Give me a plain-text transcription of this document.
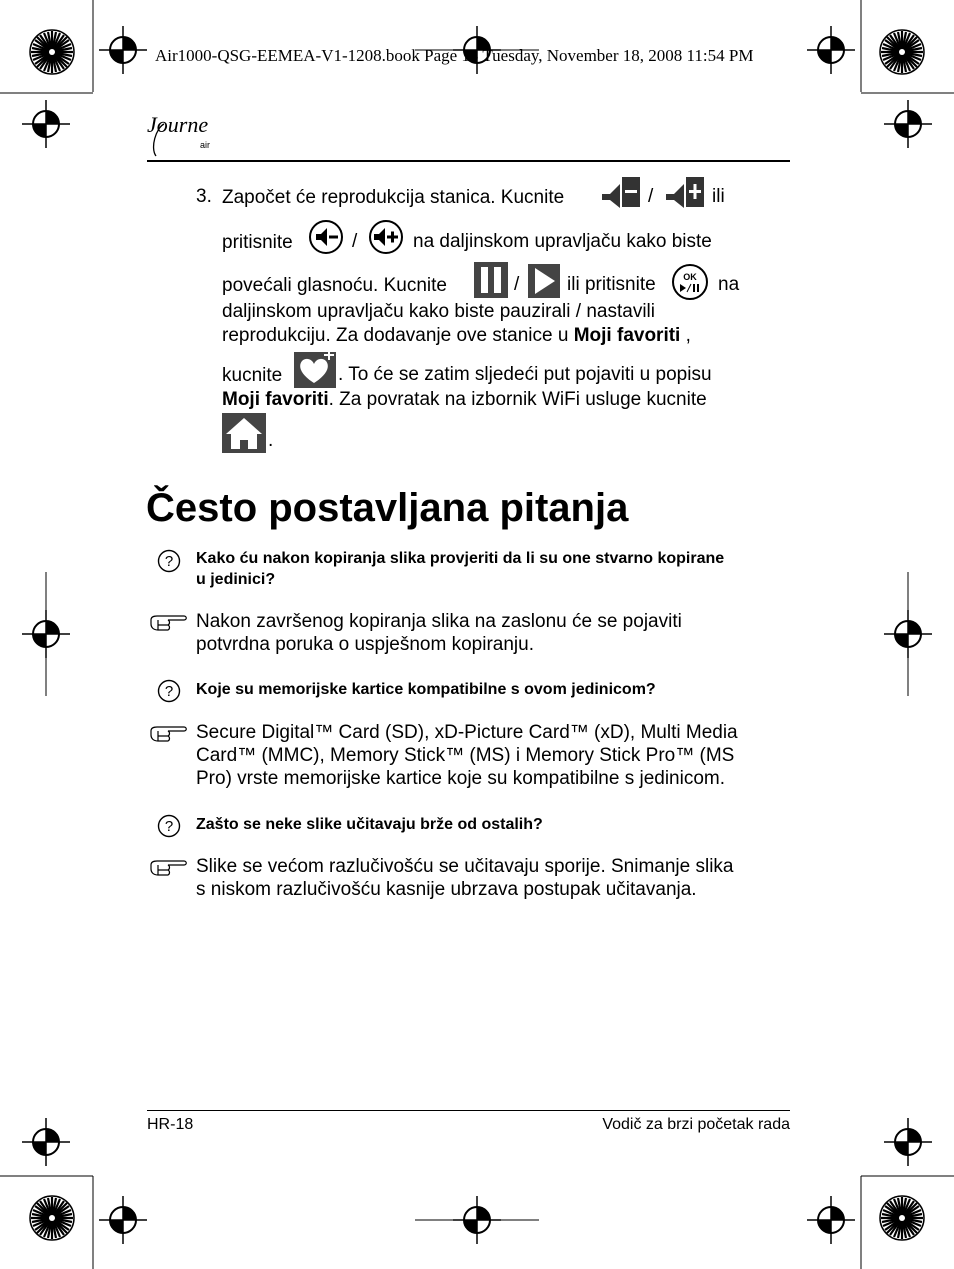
Air1000-QSG-EEMEA-V1-1208.book Page 18 Tuesday, November 18, 2008 11:54 PM
Journe
air
3. Započet će reprodukcija stanica. Kucnite	/	ili
pritisnite	/	na daljinskom upravljaču kako biste
povećali glasnoću. Kucnite	/	ili pritisnite	OK na
daljinskom upravljaču kako biste pauzirali / nastavili
reprodukciju. Za dodavanje ove stanice u Moji favoriti ,
kucnite	. To će se zatim sljedeći put pojaviti u popisu
Moji favoriti. Za povratak na izbornik WiFi usluge kucnite
.
Često postavljana pitanja
? Kako ću nakon kopiranja slika provjeriti da li su one stvarno kopirane
u jedinici?
Nakon završenog kopiranja slika na zaslonu će se pojaviti
potvrdna poruka o uspješnom kopiranju.
? Koje su memorijske kartice kompatibilne s ovom jedinicom?
Secure Digital™ Card (SD), xD-Picture Card™ (xD), Multi Media
Card™ (MMC), Memory Stick™ (MS) i Memory Stick Pro™ (MS
Pro) vrste memorijske kartice koje su kompatibilne s jedinicom.
? Zašto se neke slike učitavaju brže od ostalih?
Slike se većom razlučivošću se učitavaju sporije. Snimanje slika
s niskom razlučivošću kasnije ubrzava postupak učitavanja.
HR-18	Vodič za brzi početak rada
